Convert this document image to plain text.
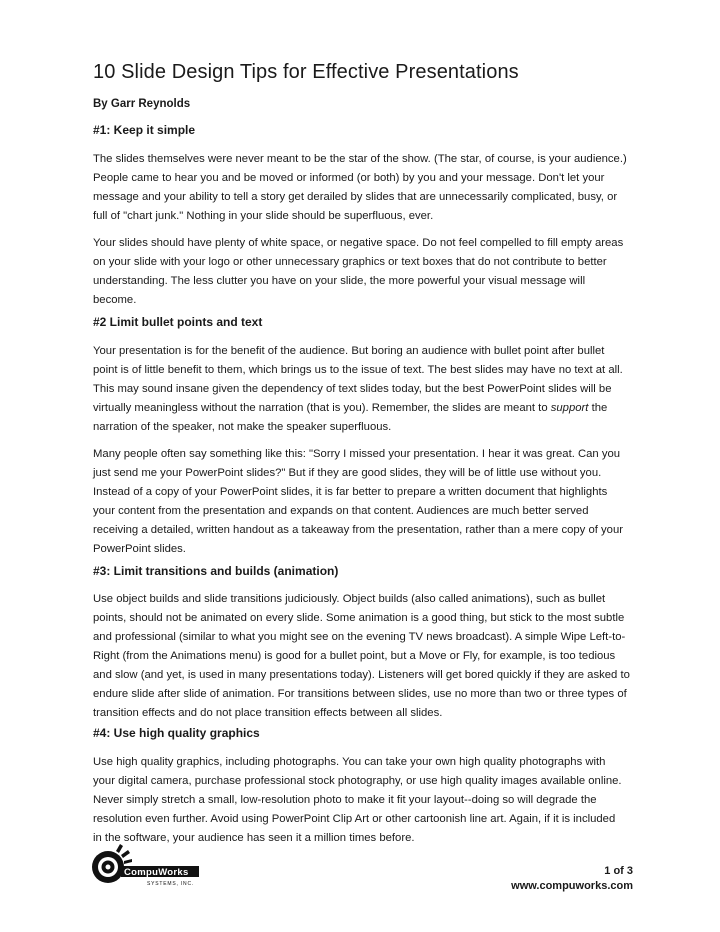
10 Slide Design Tips for Effective Presentations
By Garr Reynolds
#1: Keep it simple
The slides themselves were never meant to be the star of the show. (The star, of course, is your audience.)
People came to hear you and be moved or informed (or both) by you and your message. Don't let your
message and your ability to tell a story get derailed by slides that are unnecessarily complicated, busy, or
full of "chart junk." Nothing in your slide should be superfluous, ever.
Your slides should have plenty of white space, or negative space. Do not feel compelled to fill empty areas
on your slide with your logo or other unnecessary graphics or text boxes that do not contribute to better
understanding. The less clutter you have on your slide, the more powerful your visual message will
become.
#2 Limit bullet points and text
Your presentation is for the benefit of the audience. But boring an audience with bullet point after bullet
point is of little benefit to them, which brings us to the issue of text. The best slides may have no text at all.
This may sound insane given the dependency of text slides today, but the best PowerPoint slides will be
virtually meaningless without the narration (that is you). Remember, the slides are meant to support the
narration of the speaker, not make the speaker superfluous.
Many people often say something like this: "Sorry I missed your presentation. I hear it was great. Can you
just send me your PowerPoint slides?" But if they are good slides, they will be of little use without you.
Instead of a copy of your PowerPoint slides, it is far better to prepare a written document that highlights
your content from the presentation and expands on that content. Audiences are much better served
receiving a detailed, written handout as a takeaway from the presentation, rather than a mere copy of your
PowerPoint slides.
#3: Limit transitions and builds (animation)
Use object builds and slide transitions judiciously. Object builds (also called animations), such as bullet
points, should not be animated on every slide. Some animation is a good thing, but stick to the most subtle
and professional (similar to what you might see on the evening TV news broadcast). A simple Wipe Left-to-
Right (from the Animations menu) is good for a bullet point, but a Move or Fly, for example, is too tedious
and slow (and yet, is used in many presentations today). Listeners will get bored quickly if they are asked to
endure slide after slide of animation. For transitions between slides, use no more than two or three types of
transition effects and do not place transition effects between all slides.
#4: Use high quality graphics
Use high quality graphics, including photographs. You can take your own high quality photographs with
your digital camera, purchase professional stock photography, or use high quality images available online.
Never simply stretch a small, low-resolution photo to make it fit your layout--doing so will degrade the
resolution even further. Avoid using PowerPoint Clip Art or other cartoonish line art. Again, if it is included
in the software, your audience has seen it a million times before.
CompuWorks
SYSTEMS, INC.
1 of 3
www.compuworks.com
